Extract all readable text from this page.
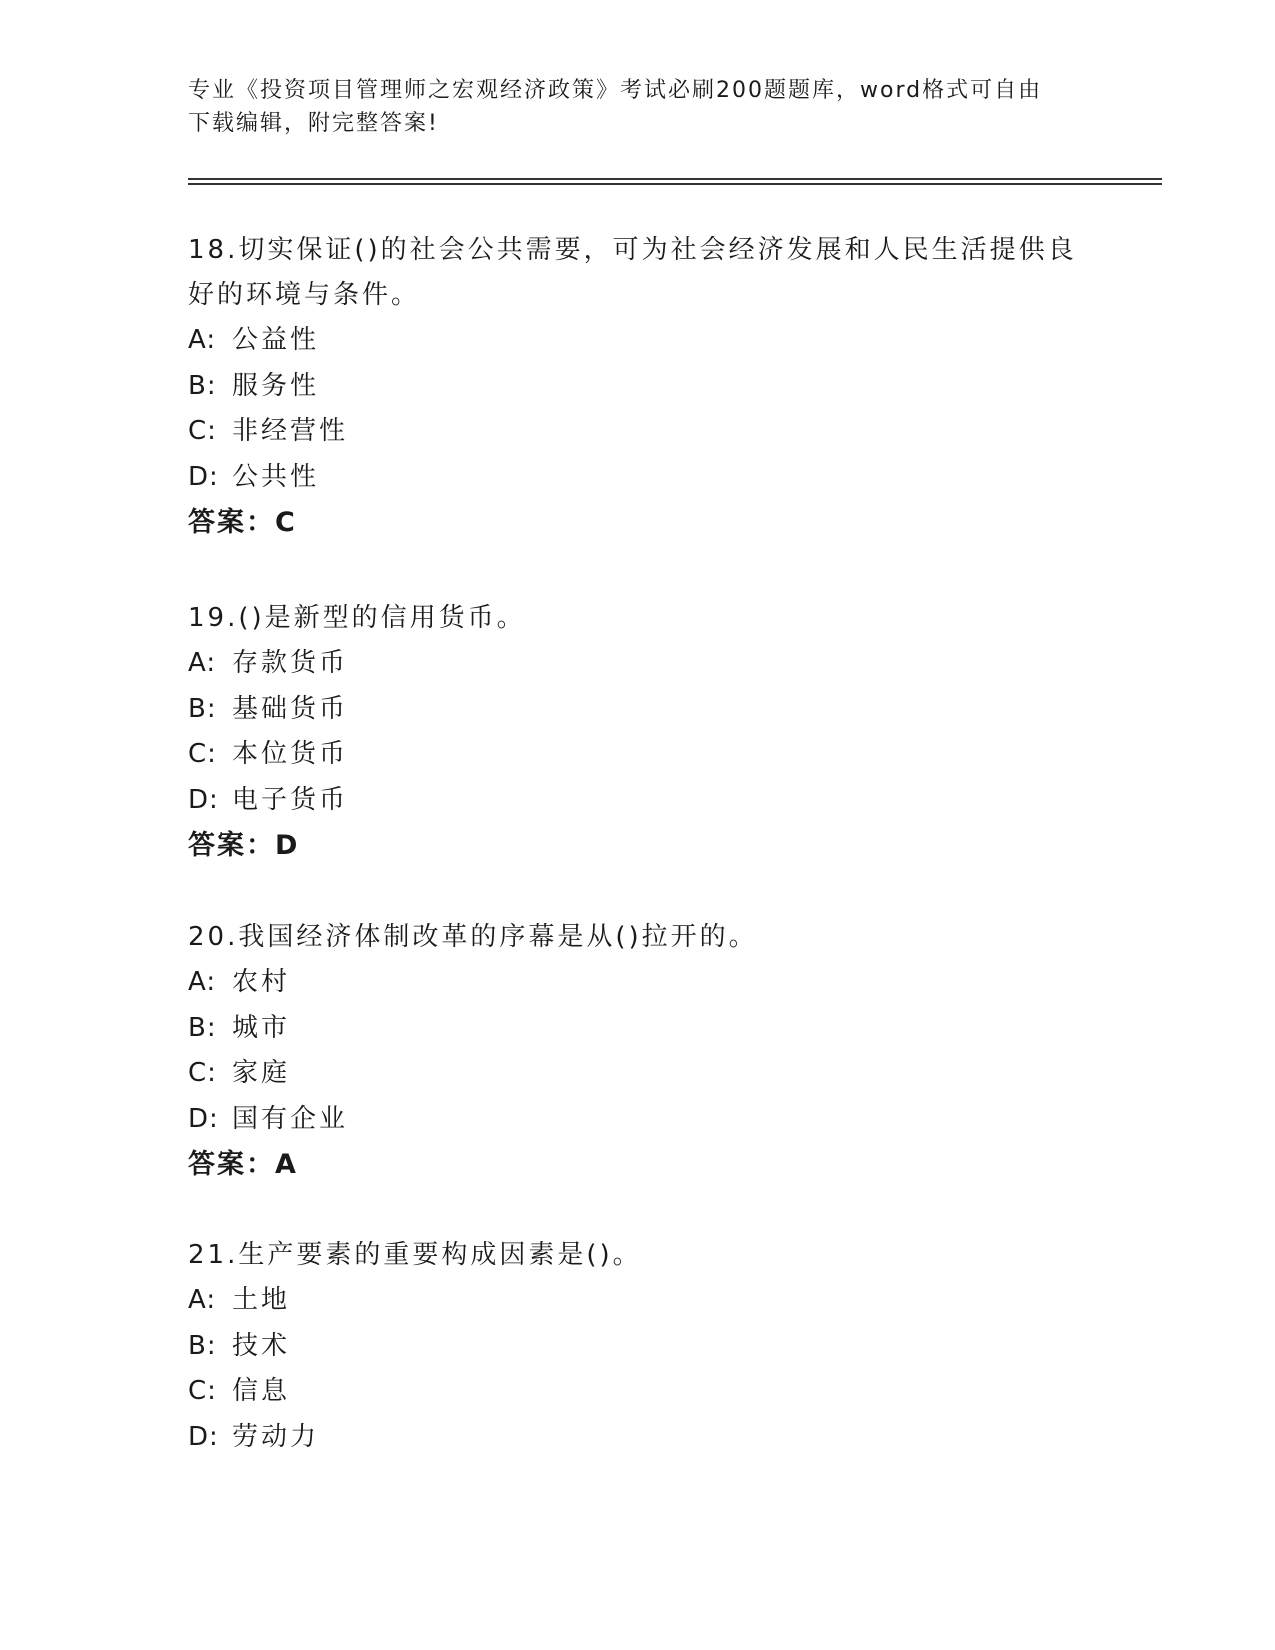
专业《投资项目管理师之宏观经济政策》考试必刷200题题库，word格式可自由
下载编辑，附完整答案!
18.切实保证()的社会公共需要，可为社会经济发展和人民生活提供良
好的环境与条件。
A: 公益性
B: 服务性
C: 非经营性
D: 公共性
答案：C
19.()是新型的信用货币。
A: 存款货币
B: 基础货币
C: 本位货币
D: 电子货币
答案：D
20.我国经济体制改革的序幕是从()拉开的。
A: 农村
B: 城市
C: 家庭
D: 国有企业
答案：A
21.生产要素的重要构成因素是()。
A: 土地
B: 技术
C: 信息
D: 劳动力
